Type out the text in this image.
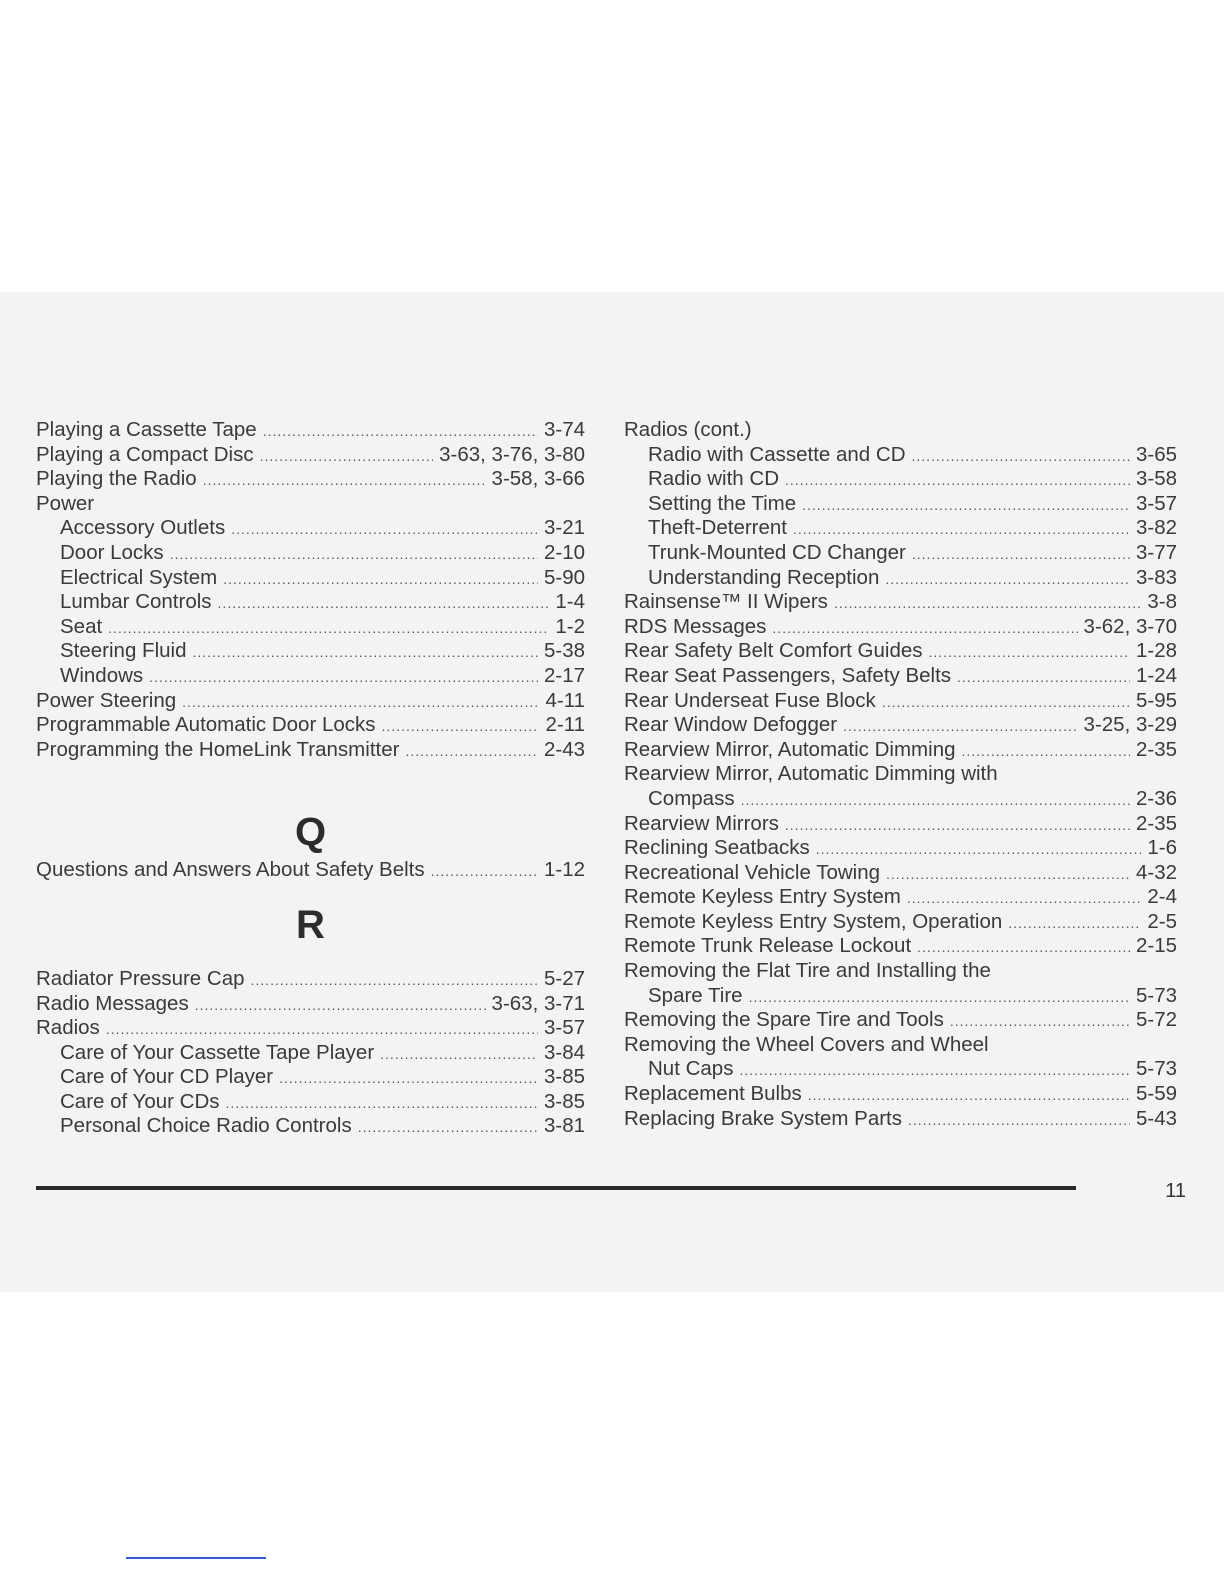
Playing a Cassette Tape .....	3-74
Playing a Compact Disc .....	3-63, 3-76, 3-80
Playing the Radio .....	3-58, 3-66
Power
Accessory Outlets .....	3-21
Door Locks .....	2-10
Electrical System .....	5-90
Lumbar Controls .....	1-4
Seat .....	1-2
Steering Fluid .....	5-38
Windows .....	2-17
Power Steering .....	4-11
Programmable Automatic Door Locks .....	2-11
Programming the HomeLink Transmitter .....	2-43
Q
Questions and Answers About Safety Belts .....	1-12
R
Radiator Pressure Cap .....	5-27
Radio Messages .....	3-63, 3-71
Radios .....	3-57
Care of Your Cassette Tape Player .....	3-84
Care of Your CD Player .....	3-85
Care of Your CDs .....	3-85
Personal Choice Radio Controls .....	3-81
Radios (cont.)
Radio with Cassette and CD .....	3-65
Radio with CD .....	3-58
Setting the Time .....	3-57
Theft-Deterrent .....	3-82
Trunk-Mounted CD Changer .....	3-77
Understanding Reception .....	3-83
Rainsense™ II Wipers .....	3-8
RDS Messages .....	3-62, 3-70
Rear Safety Belt Comfort Guides .....	1-28
Rear Seat Passengers, Safety Belts .....	1-24
Rear Underseat Fuse Block .....	5-95
Rear Window Defogger .....	3-25, 3-29
Rearview Mirror, Automatic Dimming .....	2-35
Rearview Mirror, Automatic Dimming with
Compass .....	2-36
Rearview Mirrors .....	2-35
Reclining Seatbacks .....	1-6
Recreational Vehicle Towing .....	4-32
Remote Keyless Entry System .....	2-4
Remote Keyless Entry System, Operation .....	2-5
Remote Trunk Release Lockout .....	2-15
Removing the Flat Tire and Installing the
Spare Tire .....	5-73
Removing the Spare Tire and Tools .....	5-72
Removing the Wheel Covers and Wheel
Nut Caps .....	5-73
Replacement Bulbs .....	5-59
Replacing Brake System Parts .....	5-43
11
